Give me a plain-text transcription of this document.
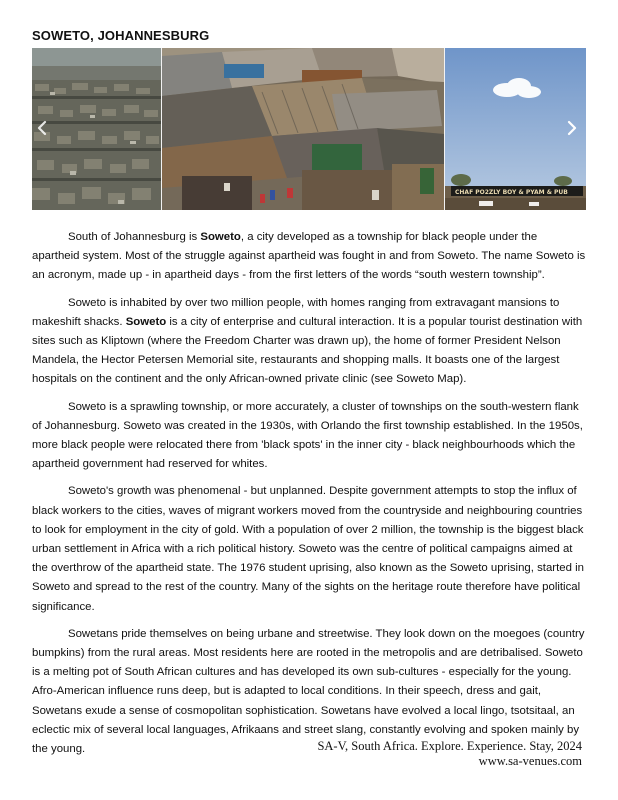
SOWETO, JOHANNESBURG
CHAF PO2ZLY BOY & PYAM & PUB

South of Johannesburg is Soweto, a city developed as a township for black people under the apartheid system. Most of the struggle against apartheid was fought in and from Soweto. The name Soweto is an acronym, made up - in apartheid days - from the first letters of the words “south western township”.

Soweto is inhabited by over two million people, with homes ranging from extravagant mansions to makeshift shacks. Soweto is a city of enterprise and cultural interaction. It is a popular tourist destination with sites such as Kliptown (where the Freedom Charter was drawn up), the home of former President Nelson Mandela, the Hector Petersen Memorial site, restaurants and shopping malls. It boasts one of the largest hospitals on the continent and the only African-owned private clinic (see Soweto Map).

Soweto is a sprawling township, or more accurately, a cluster of townships on the south-western flank of Johannesburg. Soweto was created in the 1930s, with Orlando the first township established. In the 1950s, more black people were relocated there from 'black spots' in the inner city - black neighbourhoods which the apartheid government had reserved for whites.

Soweto's growth was phenomenal - but unplanned. Despite government attempts to stop the influx of black workers to the cities, waves of migrant workers moved from the countryside and neighbouring countries to look for employment in the city of gold. With a population of over 2 million, the township is the biggest black urban settlement in Africa with a rich political history. Soweto was the centre of political campaigns aimed at the overthrow of the apartheid state. The 1976 student uprising, also known as the Soweto uprising, started in Soweto and spread to the rest of the country. Many of the sights on the heritage route therefore have political significance.

Sowetans pride themselves on being urbane and streetwise. They look down on the moegoes (country bumpkins) from the rural areas. Most residents here are rooted in the metropolis and are detribalised. Soweto is a melting pot of South African cultures and has developed its own sub-cultures - especially for the young. Afro-American influence runs deep, but is adapted to local conditions. In their speech, dress and gait, Sowetans exude a sense of cosmopolitan sophistication. Sowetans have evolved a local lingo, tsotsitaal, an eclectic mix of several local languages, Afrikaans and street slang, constantly evolving and spoken mainly by the young.	SA-V, South Africa. Explore. Experience. Stay, 2024
www.sa-venues.com
